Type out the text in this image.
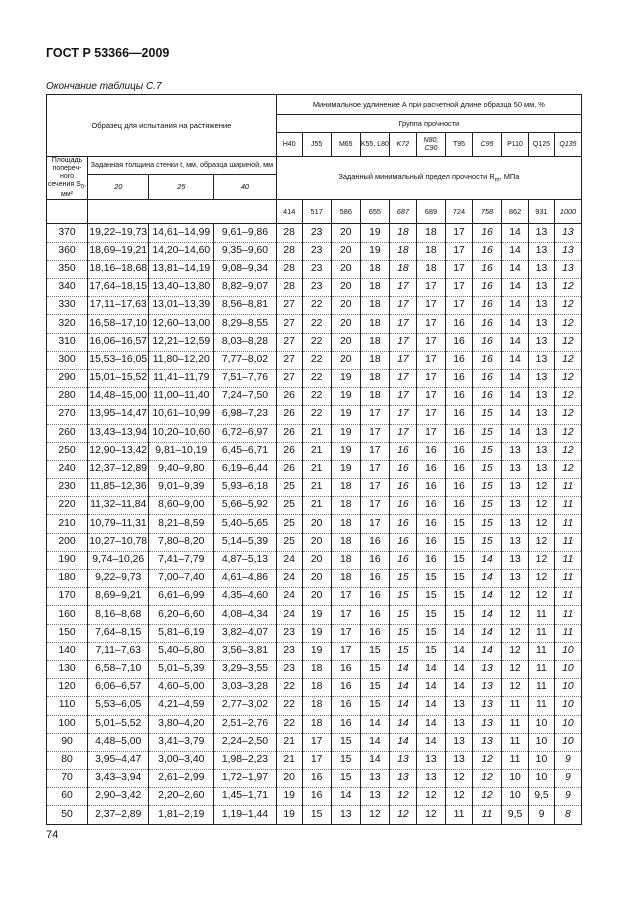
ГОСТ Р 53366—2009
Окончание таблицы С.7
Образец для испытания на растяжение				Минимальное удлинение А при расчетной длине образца 50 мм, %										
				Группа прочности										
				Н40	J55	М65	K55, L80	K72	N80, C90	Т95	C95	Р110	Q125	Q135
Площадь попереч-ного сечения $S_0$, мм²	Заданная толщина стенки t, мм, образца шириной, мм			Заданный минимальный предел прочности $R_m$, МПа										
	20	25	40											
				414	517	586	655	687	689	724	758	862	931	1000
370	19,22–19,73	14,61–14,99	9,61–9,86	28	23	20	19	18	18	17	16	14	13	13
360	18,69–19,21	14,20–14,60	9,35–9,60	28	23	20	19	18	18	17	16	14	13	13
350	18,16–18,68	13,81–14,19	9,08–9,34	28	23	20	18	18	18	17	16	14	13	13
340	17,64–18,15	13,40–13,80	8,82–9,07	28	23	20	18	17	17	17	16	14	13	12
330	17,11–17,63	13,01–13,39	8,56–8,81	27	22	20	18	17	17	17	16	14	13	12
320	16,58–17,10	12,60–13,00	8,29–8,55	27	22	20	18	17	17	16	16	14	13	12
310	16,06–16,57	12,21–12,59	8,03–8,28	27	22	20	18	17	17	16	16	14	13	12
300	15,53–16,05	11,80–12,20	7,77–8,02	27	22	20	18	17	17	16	16	14	13	12
290	15,01–15,52	11,41–11,79	7,51–7,76	27	22	19	18	17	17	16	16	14	13	12
280	14,48–15,00	11,00–11,40	7,24–7,50	26	22	19	18	17	17	16	16	14	13	12
270	13,95–14,47	10,61–10,99	6,98–7,23	26	22	19	17	17	17	16	15	14	13	12
260	13,43–13,94	10,20–10,60	6,72–6,97	26	21	19	17	17	17	16	15	14	13	12
250	12,90–13,42	9,81–10,19	6,45–6,71	26	21	19	17	16	16	16	15	13	13	12
240	12,37–12,89	9,40–9,80	6,19–6,44	26	21	19	17	16	16	16	15	13	13	12
230	11,85–12,36	9,01–9,39	5,93–6,18	25	21	18	17	16	16	16	15	13	12	11
220	11,32–11,84	8,60–9,00	5,66–5,92	25	21	18	17	16	16	16	15	13	12	11
210	10,79–11,31	8,21–8,59	5,40–5,65	25	20	18	17	16	16	15	15	13	12	11
200	10,27–10,78	7,80–8,20	5,14–5,39	25	20	18	16	16	16	15	15	13	12	11
190	9,74–10,26	7,41–7,79	4,87–5,13	24	20	18	16	16	16	15	14	13	12	11
180	9,22–9,73	7,00–7,40	4,61–4,86	24	20	18	16	15	15	15	14	13	12	11
170	8,69–9,21	6,61–6,99	4,35–4,60	24	20	17	16	15	15	15	14	12	12	11
160	8,16–8,68	6,20–6,60	4,08–4,34	24	19	17	16	15	15	15	14	12	11	11
150	7,64–8,15	5,81–6,19	3,82–4,07	23	19	17	16	15	15	14	14	12	11	11
140	7,11–7,63	5,40–5,80	3,56–3,81	23	19	17	15	15	15	14	14	12	11	10
130	6,58–7,10	5,01–5,39	3,29–3,55	23	18	16	15	14	14	14	13	12	11	10
120	6,06–6,57	4,60–5,00	3,03–3,28	22	18	16	15	14	14	14	13	12	11	10
110	5,53–6,05	4,21–4,59	2,77–3,02	22	18	16	15	14	14	13	13	11	11	10
100	5,01–5,52	3,80–4,20	2,51–2,76	22	18	16	14	14	14	13	13	11	10	10
90	4,48–5,00	3,41–3,79	2,24–2,50	21	17	15	14	14	14	13	13	11	10	10
80	3,95–4,47	3,00–3,40	1,98–2,23	21	17	15	14	13	13	13	12	11	10	9
70	3,43–3,94	2,61–2,99	1,72–1,97	20	16	15	13	13	13	12	12	10	10	9
60	2,90–3,42	2,20–2,60	1,45–1,71	19	16	14	13	12	12	12	12	10	9,5	9
50	2,37–2,89	1,81–2,19	1,19–1,44	19	15	13	12	12	12	11	11	9,5	9	8
74
